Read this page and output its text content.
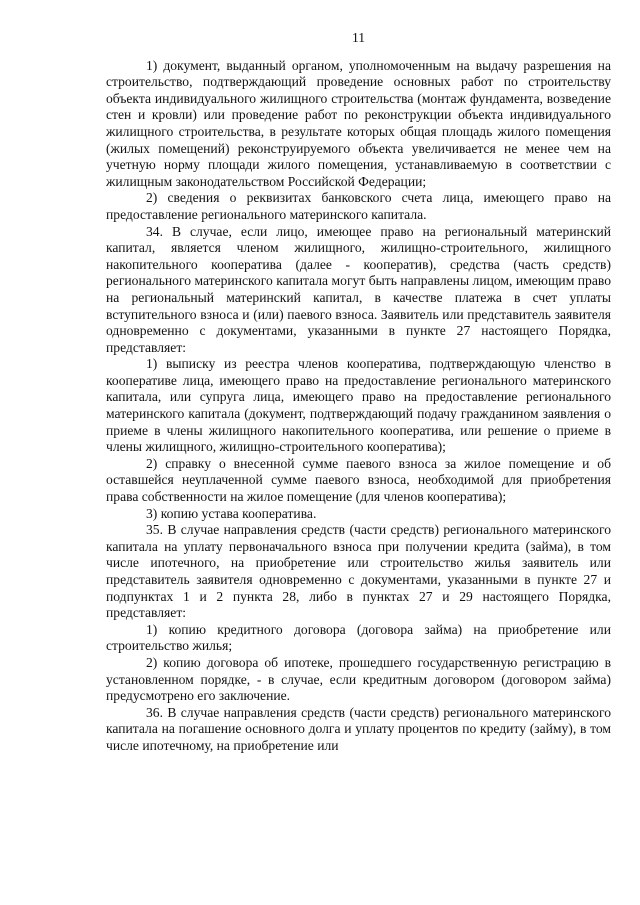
11

1) документ, выданный органом, уполномоченным на выдачу разрешения на строительство, подтверждающий проведение основных работ по строительству объекта индивидуального жилищного строительства (монтаж фундамента, возведение стен и кровли) или проведение работ по реконструкции объекта индивидуального жилищного строительства, в результате которых общая площадь жилого помещения (жилых помещений) реконструируемого объекта увеличивается не менее чем на учетную норму площади жилого помещения, устанавливаемую в соответствии с жилищным законодательством Российской Федерации;

2) сведения о реквизитах банковского счета лица, имеющего право на предоставление регионального материнского капитала.

34. В случае, если лицо, имеющее право на региональный материнский капитал, является членом жилищного, жилищно-строительного, жилищного накопительного кооператива (далее - кооператив), средства (часть средств) регионального материнского капитала могут быть направлены лицом, имеющим право на региональный материнский капитал, в качестве платежа в счет уплаты вступительного взноса и (или) паевого взноса. Заявитель или представитель заявителя одновременно с документами, указанными в пункте 27 настоящего Порядка, представляет:

1) выписку из реестра членов кооператива, подтверждающую членство в кооперативе лица, имеющего право на предоставление регионального материнского капитала, или супруга лица, имеющего право на предоставление регионального материнского капитала (документ, подтверждающий подачу гражданином заявления о приеме в члены жилищного накопительного кооператива, или решение о приеме в члены жилищного, жилищно-строительного кооператива);

2) справку о внесенной сумме паевого взноса за жилое помещение и об оставшейся неуплаченной сумме паевого взноса, необходимой для приобретения права собственности на жилое помещение (для членов кооператива);

3) копию устава кооператива.

35. В случае направления средств (части средств) регионального материнского капитала на уплату первоначального взноса при получении кредита (займа), в том числе ипотечного, на приобретение или строительство жилья заявитель или представитель заявителя одновременно с документами, указанными в пункте 27 и подпунктах 1 и 2 пункта 28, либо в пунктах 27 и 29 настоящего Порядка, представляет:

1) копию кредитного договора (договора займа) на приобретение или строительство жилья;

2) копию договора об ипотеке, прошедшего государственную регистрацию в установленном порядке, - в случае, если кредитным договором (договором займа) предусмотрено его заключение.

36. В случае направления средств (части средств) регионального материнского капитала на погашение основного долга и уплату процентов по кредиту (займу), в том числе ипотечному, на приобретение или
